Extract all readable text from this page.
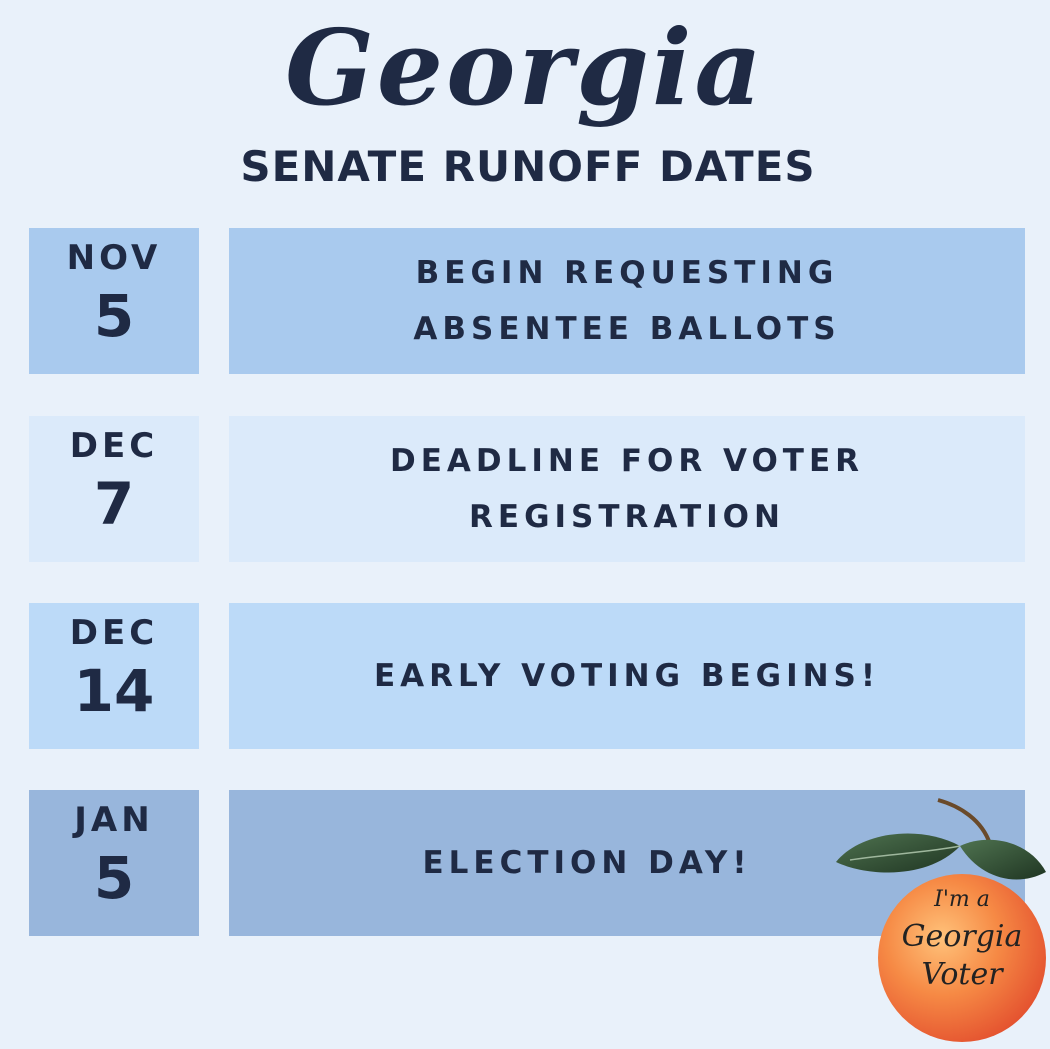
Georgia
SENATE RUNOFF DATES
NOV
5
BEGIN REQUESTING
ABSENTEE BALLOTS
DEC
7
DEADLINE FOR VOTER
REGISTRATION
DEC
14	EARLY VOTING BEGINS!
JAN
5	ELECTION DAY!
I'm a
Georgia
Voter
